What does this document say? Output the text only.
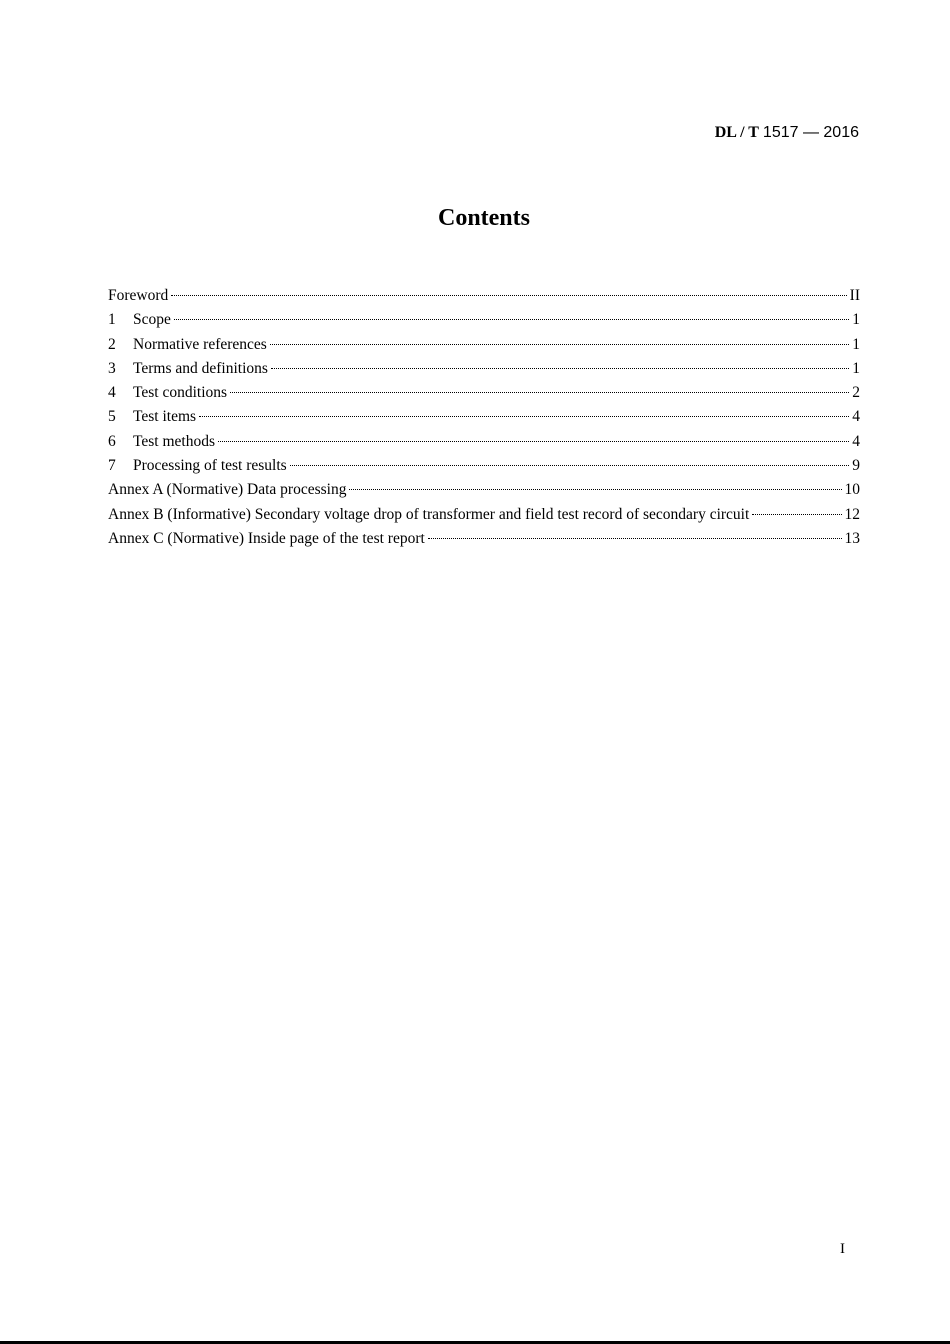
DL / T 1517 — 2016
Contents
Foreword	II
1	Scope	1
2	Normative references	1
3	Terms and definitions	1
4	Test conditions	2
5	Test items	4
6	Test methods	4
7	Processing of test results	9
Annex A (Normative) Data processing	10
Annex B (Informative) Secondary voltage drop of transformer and field test record of secondary circuit	12
Annex C (Normative) Inside page of the test report	13
I
